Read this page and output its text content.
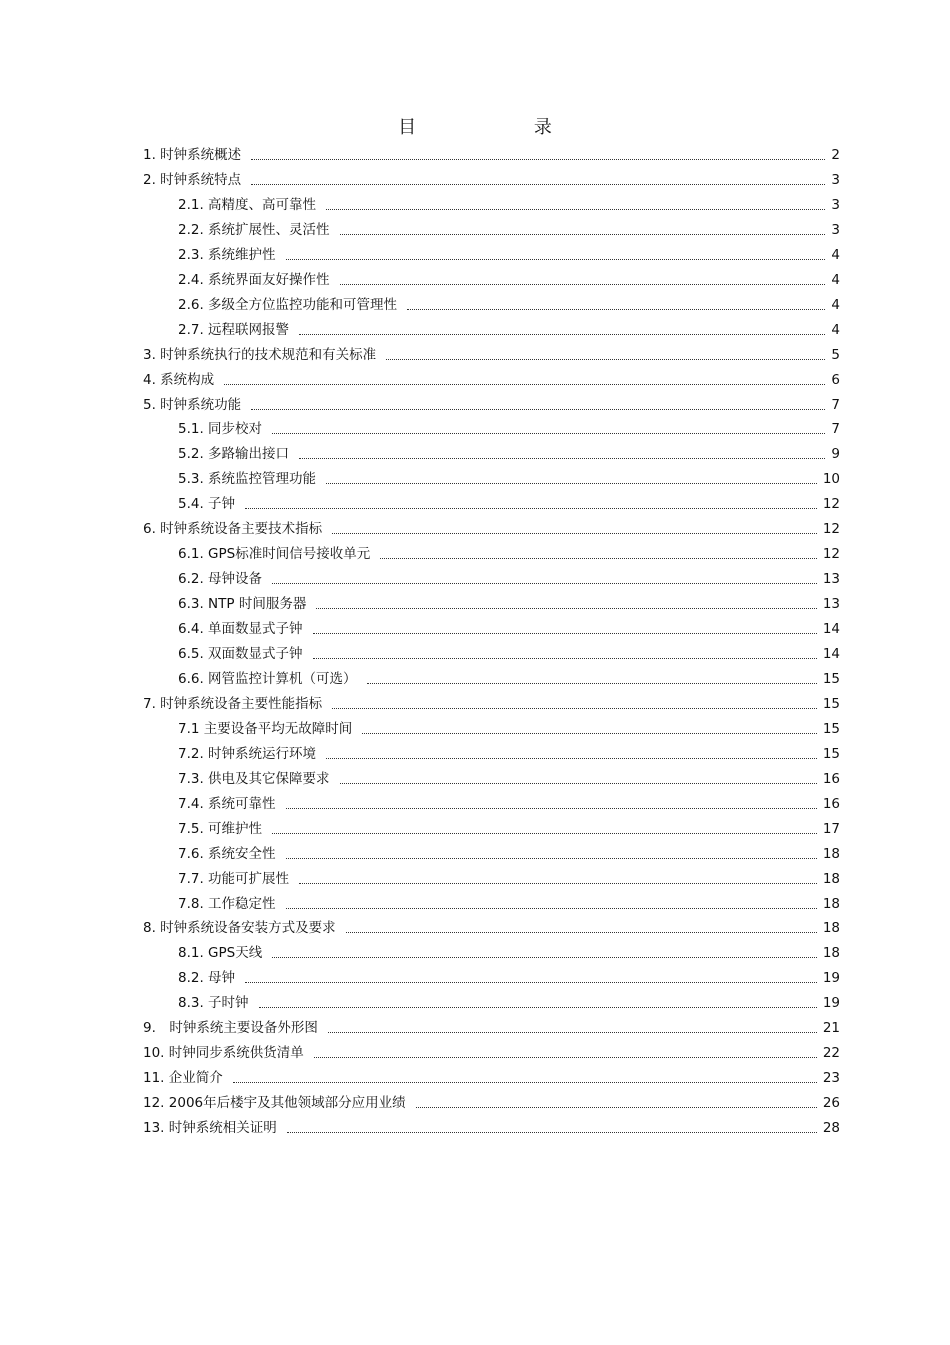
目 录
1. 时钟系统概述	2
2. 时钟系统特点	3
2.1. 高精度、高可靠性	3
2.2. 系统扩展性、灵活性	3
2.3. 系统维护性	4
2.4. 系统界面友好操作性	4
2.6. 多级全方位监控功能和可管理性	4
2.7. 远程联网报警	4
3. 时钟系统执行的技术规范和有关标准	5
4. 系统构成	6
5. 时钟系统功能	7
5.1. 同步校对	7
5.2. 多路输出接口	9
5.3. 系统监控管理功能	10
5.4. 子钟	12
6. 时钟系统设备主要技术指标	12
6.1. GPS标准时间信号接收单元	12
6.2. 母钟设备	13
6.3. NTP 时间服务器	13
6.4. 单面数显式子钟	14
6.5. 双面数显式子钟	14
6.6. 网管监控计算机（可选）	15
7. 时钟系统设备主要性能指标	15
7.1 主要设备平均无故障时间	15
7.2. 时钟系统运行环境	15
7.3. 供电及其它保障要求	16
7.4. 系统可靠性	16
7.5. 可维护性	17
7.6. 系统安全性	18
7.7. 功能可扩展性	18
7.8. 工作稳定性	18
8. 时钟系统设备安装方式及要求	18
8.1. GPS天线	18
8.2. 母钟	19
8.3. 子时钟	19
9.　时钟系统主要设备外形图	21
10. 时钟同步系统供货清单	22
11. 企业简介	23
12. 2006年后楼宇及其他领域部分应用业绩	26
13. 时钟系统相关证明	28
